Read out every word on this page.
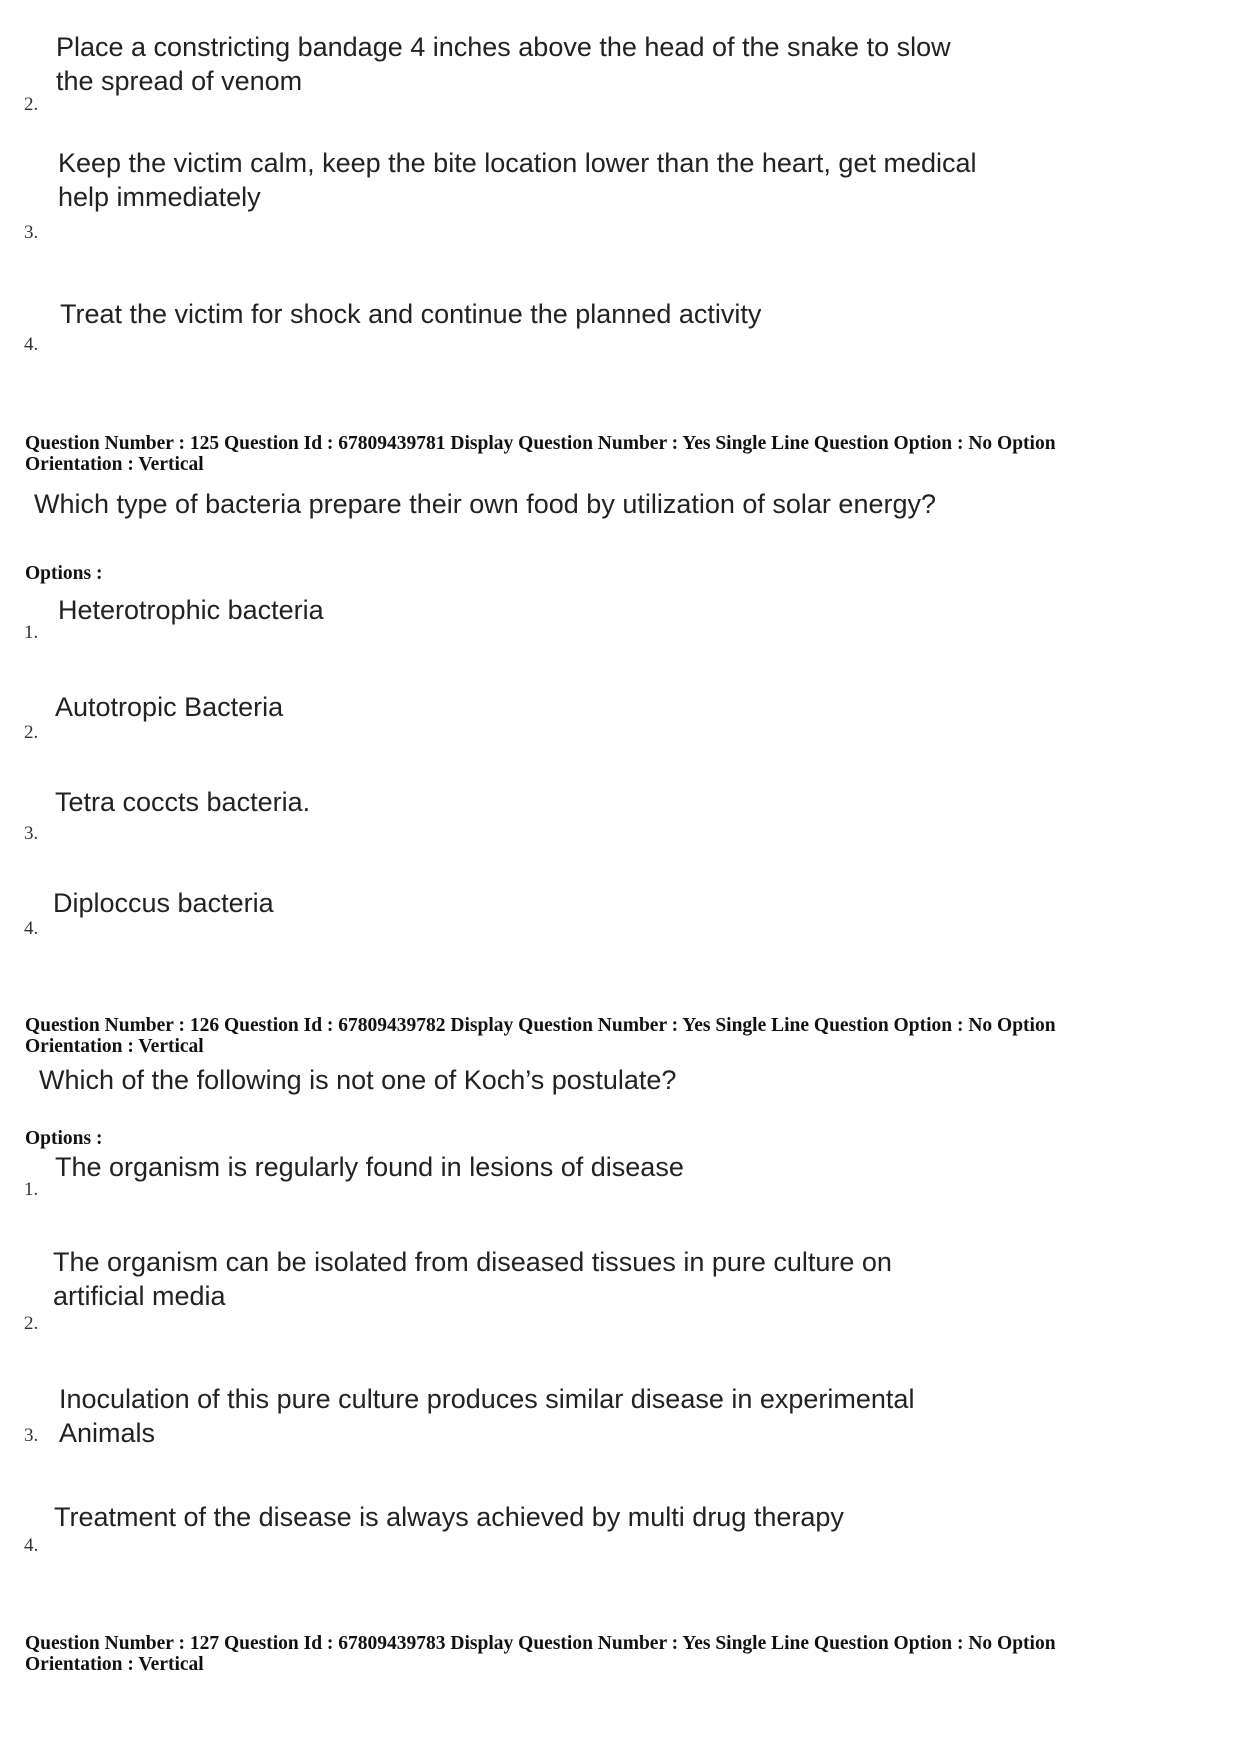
Place a constricting bandage 4 inches above the head of the snake to slow
the spread of venom
2.
Keep the victim calm, keep the bite location lower than the heart, get medical
help immediately
3.
Treat the victim for shock and continue the planned activity
4.
Question Number : 125 Question Id : 67809439781 Display Question Number : Yes Single Line Question Option : No Option
Orientation : Vertical
Which type of bacteria prepare their own food by utilization of solar energy?
Options :
Heterotrophic bacteria
1.
Autotropic Bacteria
2.
Tetra coccts bacteria.
3.
Diploccus bacteria
4.
Question Number : 126 Question Id : 67809439782 Display Question Number : Yes Single Line Question Option : No Option
Orientation : Vertical
Which of the following is not one of Koch’s postulate?
Options :
The organism is regularly found in lesions of disease
1.
The organism can be isolated from diseased tissues in pure culture on
artificial media
2.
Inoculation of this pure culture produces similar disease in experimental
Animals
3.
Treatment of the disease is always achieved by multi drug therapy
4.
Question Number : 127 Question Id : 67809439783 Display Question Number : Yes Single Line Question Option : No Option
Orientation : Vertical
